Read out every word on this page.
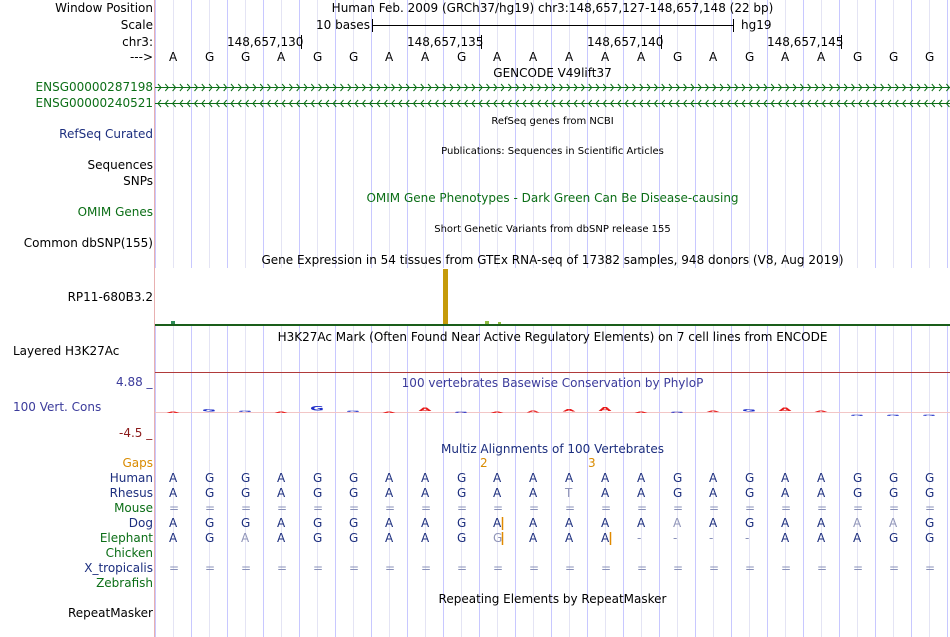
Window Position	Human Feb. 2009 (GRCh37/hg19) chr3:148,657,127-148,657,148 (22 bp)
Scale	10 bases	hg19
chr3:	148,657,130	148,657,135	148,657,140	148,657,145
---> A G G A G G A A G A A A A A G A G A A G G G
GENCODE V49lift37
ENSG00000287198
ENSG00000240521
RefSeq Curated
RefSeq genes from NCBI
Publications: Sequences in Scientific Articles
Sequences
SNPs
OMIM Gene Phenotypes - Dark Green Can Be Disease-causing
OMIM Genes
Short Genetic Variants from dbSNP release 155
Common dbSNP(155)
Gene Expression in 54 tissues from GTEx RNA-seq of 17382 samples, 948 donors (V8, Aug 2019)
RP11-680B3.2
H3K27Ac Mark (Often Found Near Active Regulatory Elements) on 7 cell lines from ENCODE
Layered H3K27Ac
100 vertebrates Basewise Conservation by PhyloP
4.88 _
100 Vert. Cons
-4.5 _
A	G	G	A
G
G	A
A
G	A	A	A	A
A	G	A	G	A	A
G	G	G
Multiz Alignments of 100 Vertebrates
Gaps	2	3
Human A G G A G G A A G A A A A A G A G A A G G G
Rhesus A G G A G G A A G A A T A A G A G A A G G G
Mouse = = = = = = = = = = = = = = = = = = = = = =
Dog A G G A G G A A G A A A A A A A G A A A A G
Elephant A G A A G G A A G G A A A -	-	-	-	A A A G G
Chicken
X_tropicalis = = = = = = = = = = = = = = = = = = = = = =
Zebrafish
Repeating Elements by RepeatMasker
RepeatMasker
